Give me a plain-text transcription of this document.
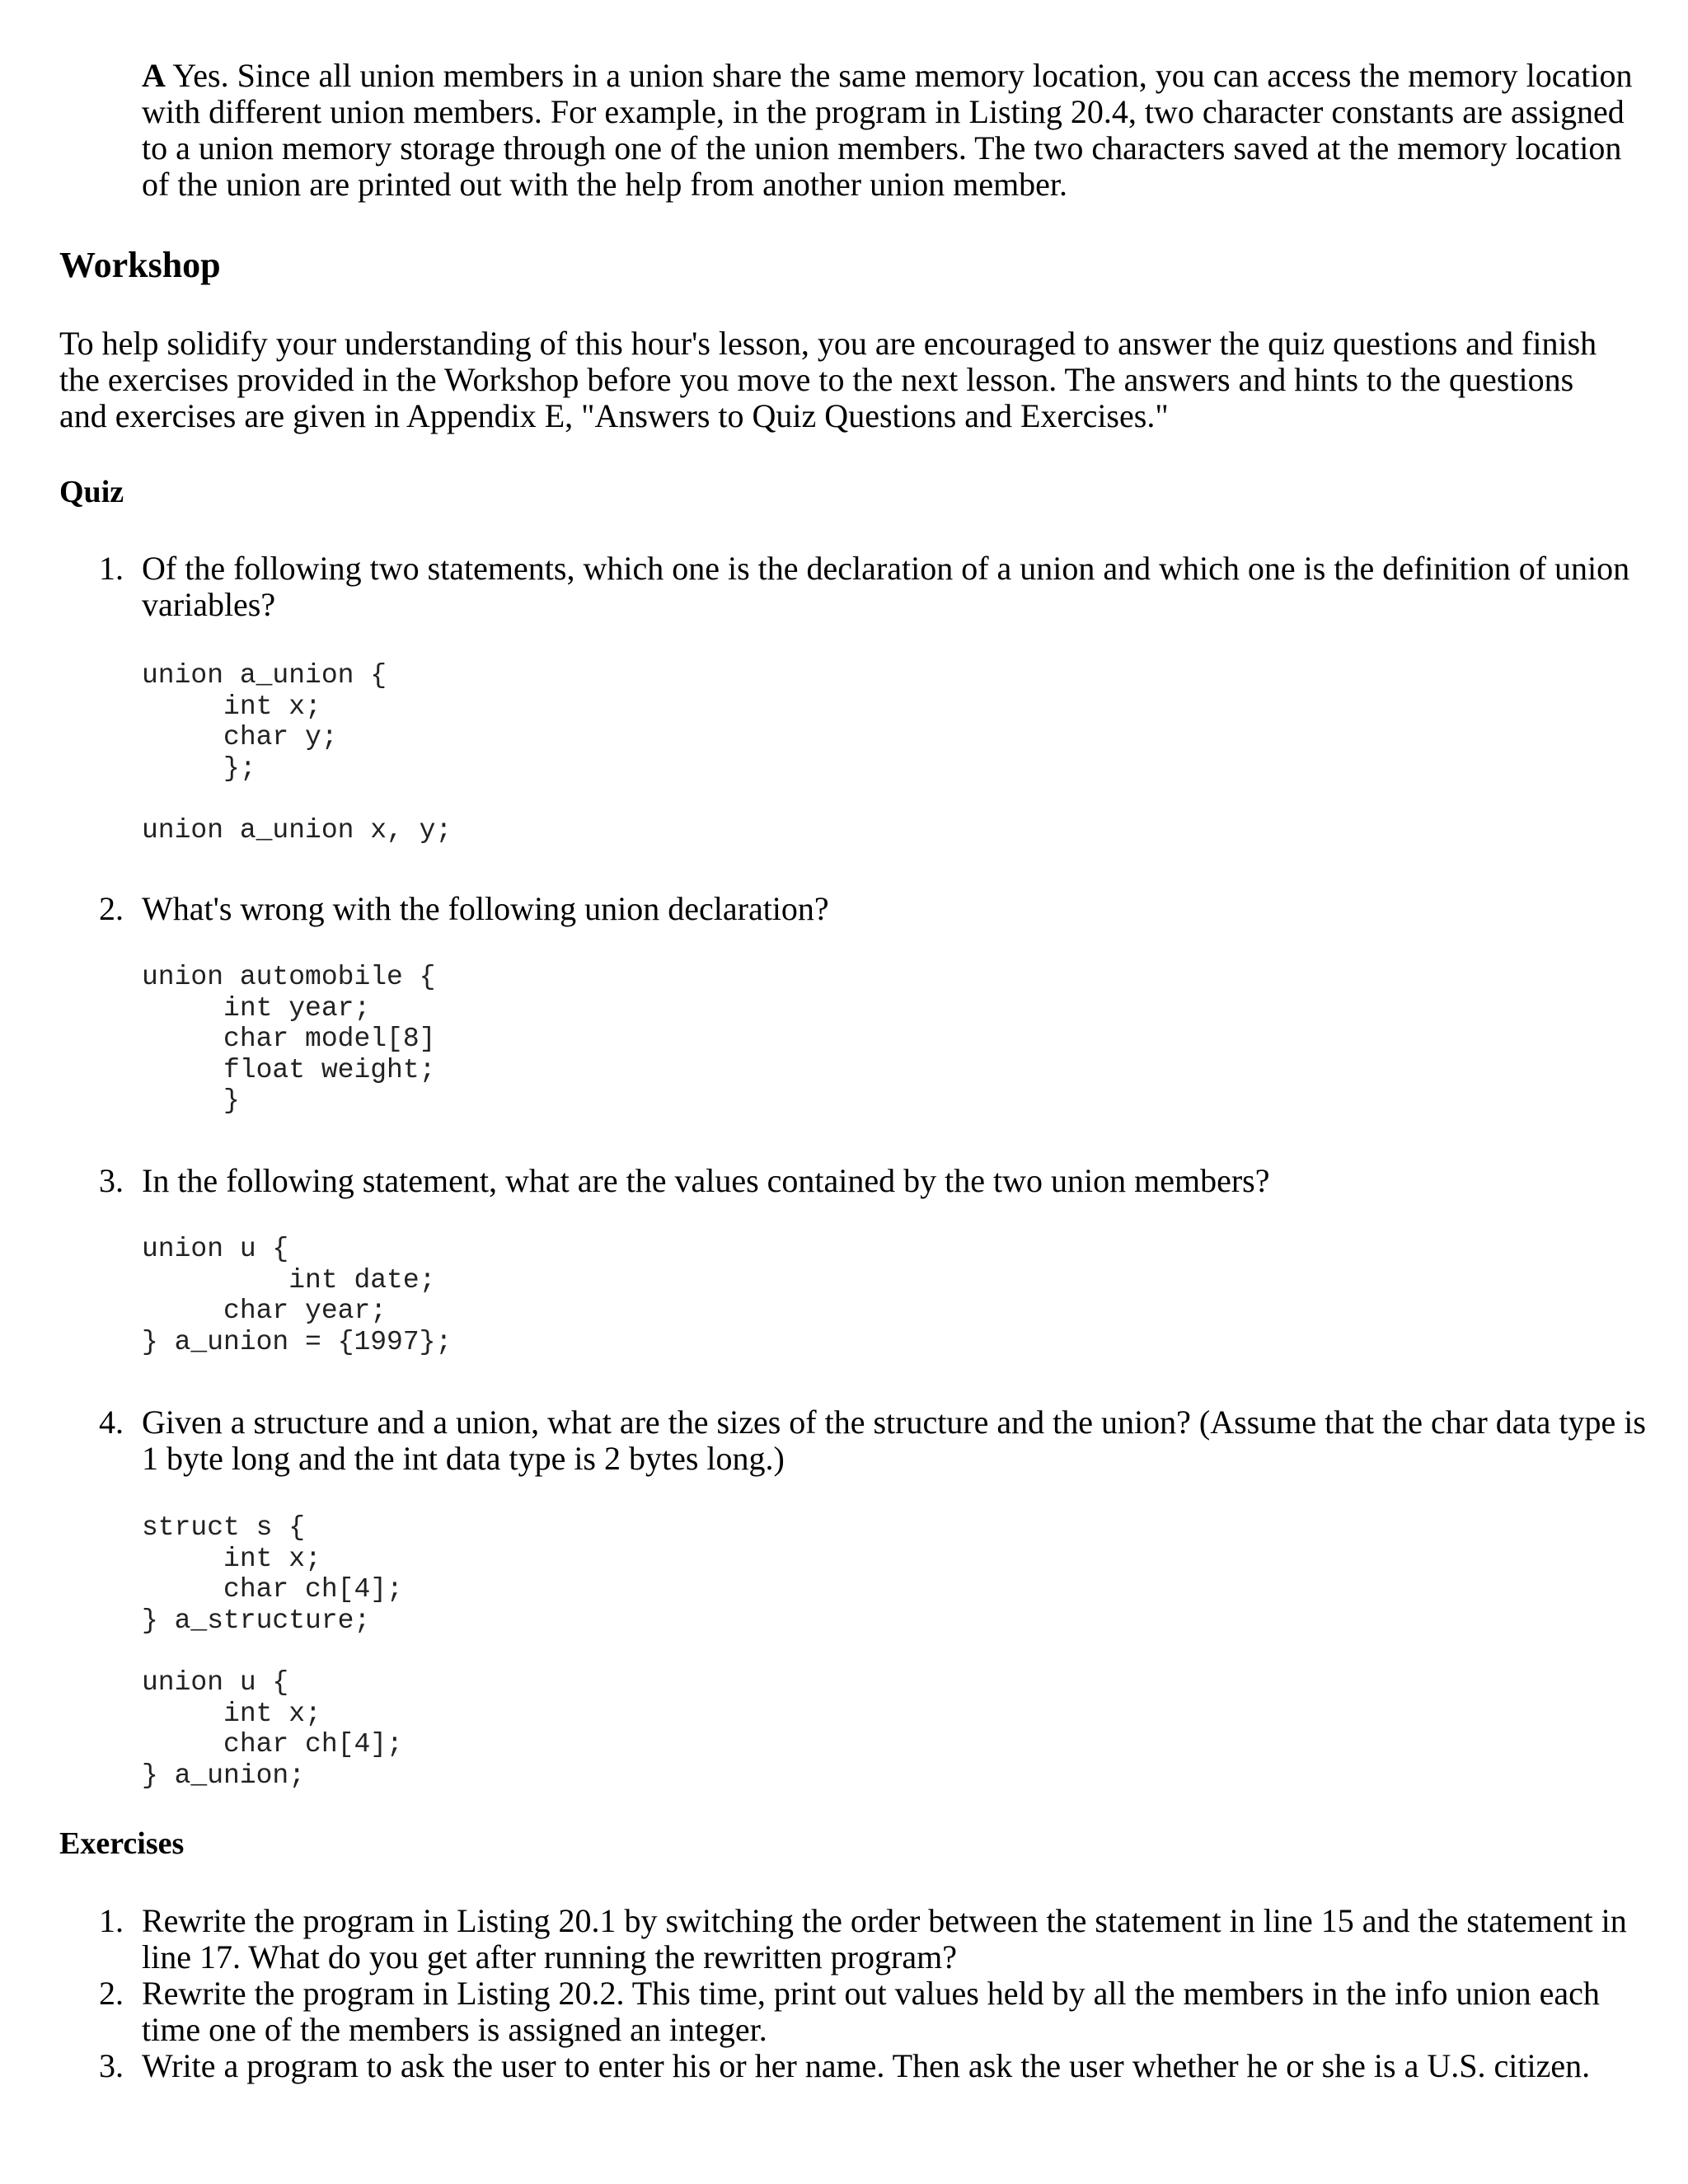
A Yes. Since all union members in a union share the same memory location, you can access the memory location with different union members. For example, in the program in Listing 20.4, two character constants are assigned to a union memory storage through one of the union members. The two characters saved at the memory location of the union are printed out with the help from another union member.

Workshop

To help solidify your understanding of this hour's lesson, you are encouraged to answer the quiz questions and finish the exercises provided in the Workshop before you move to the next lesson. The answers and hints to the questions and exercises are given in Appendix E, "Answers to Quiz Questions and Exercises."

Quiz
1. Of the following two statements, which one is the declaration of a union and which one is the definition of union variables?

union a_union {
int x;
char y;
};
union a_union x, y;
2. What's wrong with the following union declaration?

union automobile {
int year;
char model[8]
float weight;
}
3. In the following statement, what are the values contained by the two union members?

union u {
int date;
char year;
} a_union = {1997};
4. Given a structure and a union, what are the sizes of the structure and the union? (Assume that the char data type is 1 byte long and the int data type is 2 bytes long.)

struct s {
int x;
char ch[4];
} a_structure;
union u {
int x;
char ch[4];
} a_union;
Exercises
1. Rewrite the program in Listing 20.1 by switching the order between the statement in line 15 and the statement in line 17. What do you get after running the rewritten program?

2. Rewrite the program in Listing 20.2. This time, print out values held by all the members in the info union each time one of the members is assigned an integer.

3. Write a program to ask the user to enter his or her name. Then ask the user whether he or she is a U.S. citizen.
